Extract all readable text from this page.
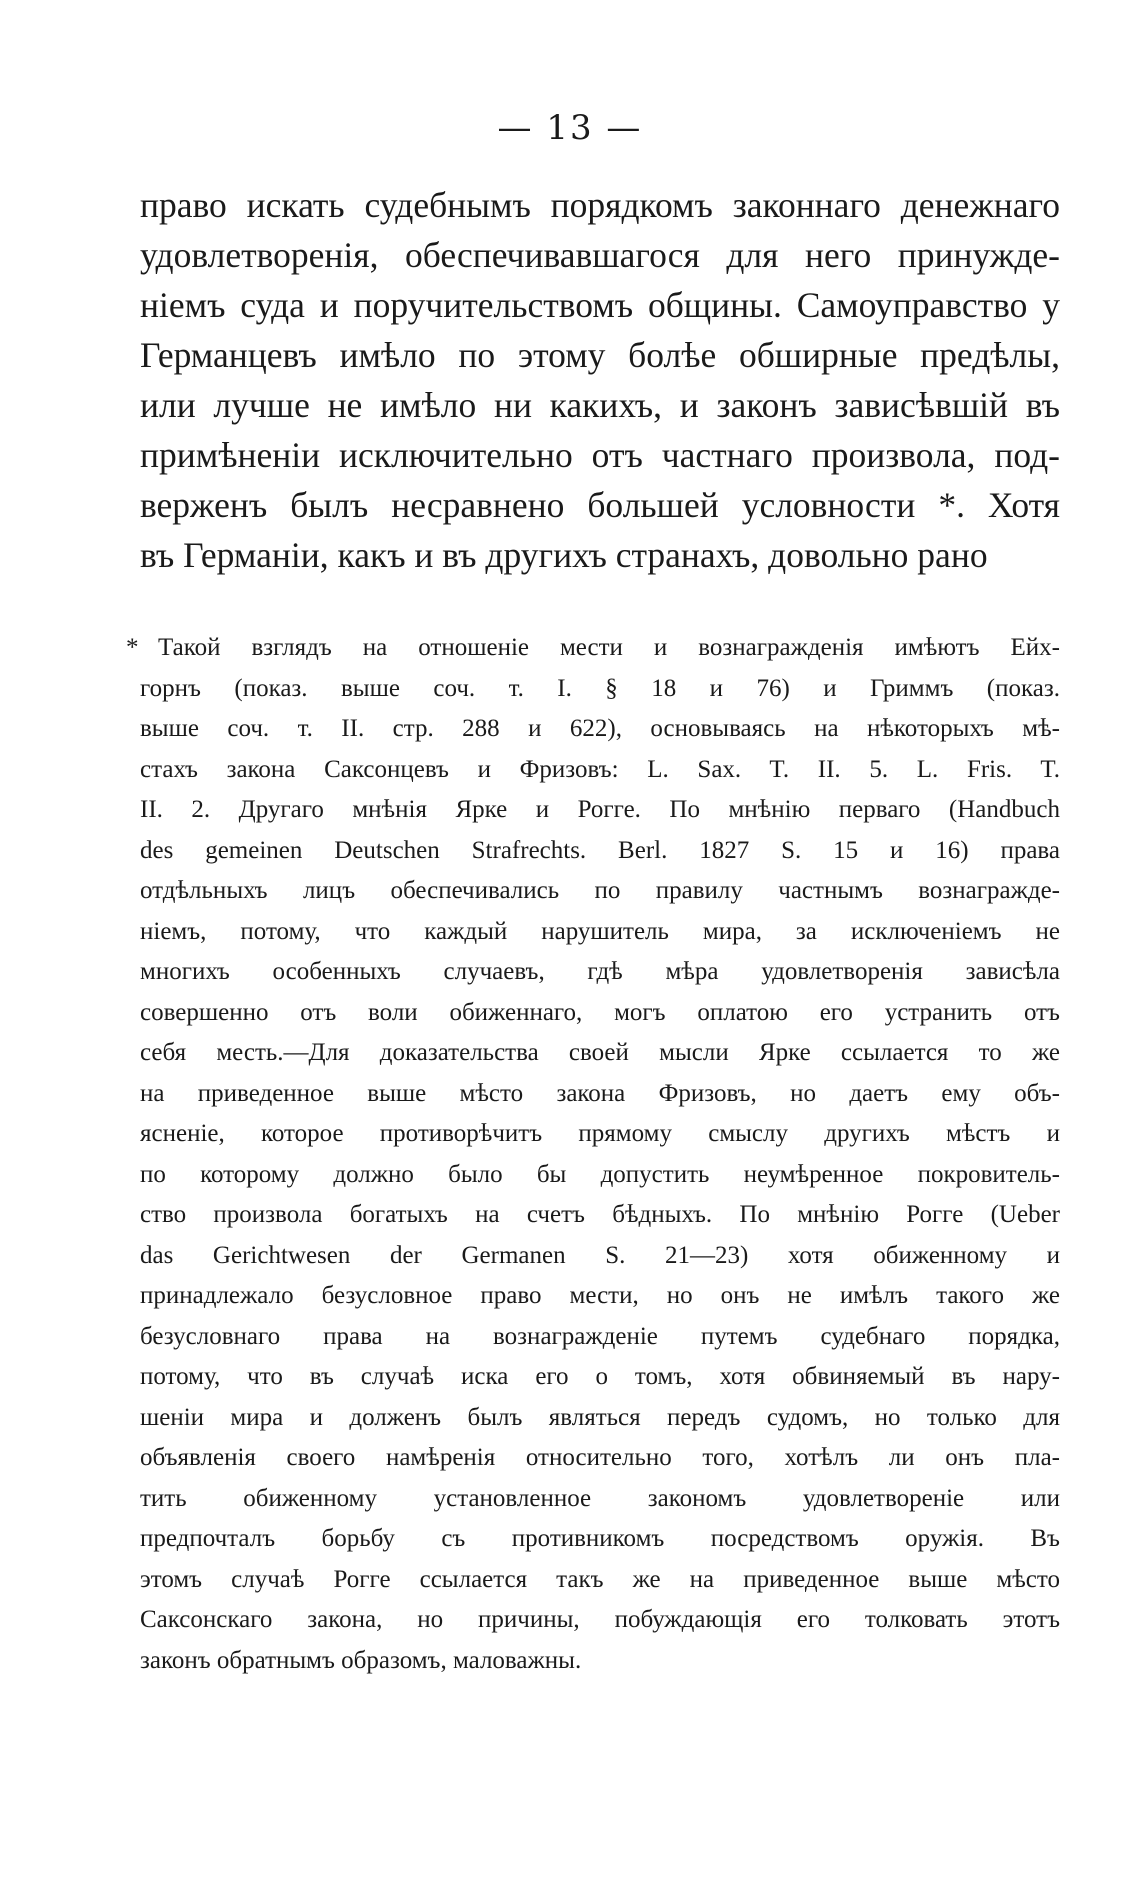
— 13 —
право искать судебнымъ порядкомъ законнаго денежнаго
удовлетворенія, обеспечивавшагося для него принужде-
ніемъ суда и поручительствомъ общины. Самоуправство у
Германцевъ имѣло по этому болѣе обширные предѣлы,
или лучше не имѣло ни какихъ, и законъ зависѣвшій въ
примѣненіи исключительно отъ частнаго произвола, под-
верженъ былъ несравнено большей условности *. Хотя
въ Германіи, какъ и въ другихъ странахъ, довольно рано
* Такой взглядъ на отношеніе мести и вознагражденія имѣютъ Ейх-
горнъ (показ. выше соч. т. I. § 18 и 76) и Гриммъ (показ.
выше соч. т. II. стр. 288 и 622), основываясь на нѣкоторыхъ мѣ-
стахъ закона Саксонцевъ и Фризовъ: L. Sax. T. II. 5. L. Fris. T.
II. 2. Другаго мнѣнія Ярке и Рогге. По мнѣнію перваго (Handbuch
des gemeinen Deutschen Strafrechts. Berl. 1827 S. 15 и 16) права
отдѣльныхъ лицъ обеспечивались по правилу частнымъ вознагражде-
ніемъ, потому, что каждый нарушитель мира, за исключеніемъ не
многихъ особенныхъ случаевъ, гдѣ мѣра удовлетворенія зависѣла
совершенно отъ воли обиженнаго, могъ оплатою его устранить отъ
себя месть.—Для доказательства своей мысли Ярке ссылается то же
на приведенное выше мѣсто закона Фризовъ, но даетъ ему объ-
ясненіе, которое противорѣчитъ прямому смыслу другихъ мѣстъ и
по которому должно было бы допустить неумѣренное покровитель-
ство произвола богатыхъ на счетъ бѣдныхъ. По мнѣнію Рогге (Ueber
das Gerichtwesen der Germanen S. 21—23) хотя обиженному и
принадлежало безусловное право мести, но онъ не имѣлъ такого же
безусловнаго права на вознагражденіе путемъ судебнаго порядка,
потому, что въ случаѣ иска его о томъ, хотя обвиняемый въ нару-
шеніи мира и долженъ былъ являться передъ судомъ, но только для
объявленія своего намѣренія относительно того, хотѣлъ ли онъ пла-
тить обиженному установленное закономъ удовлетвореніе или
предпочталъ борьбу съ противникомъ посредствомъ оружія. Въ
этомъ случаѣ Рогге ссылается такъ же на приведенное выше мѣсто
Саксонскаго закона, но причины, побуждающія его толковать этотъ
законъ обратнымъ образомъ, маловажны.
